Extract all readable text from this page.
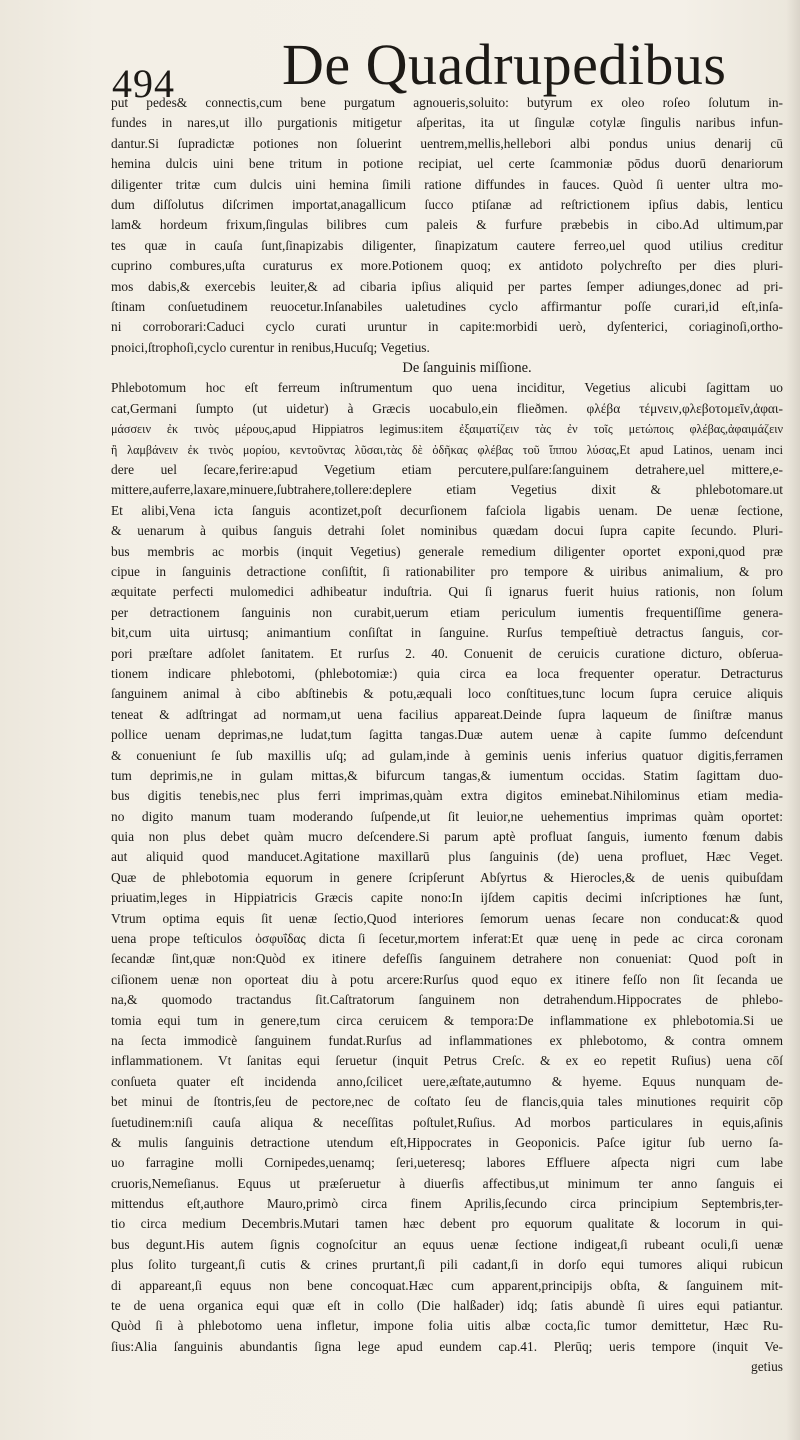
494 De Quadrupedibus
put pedes& connectis,cum bene purgatum agnoueris,soluito: butyrum ex oleo roſeo ſolutum in-
fundes in nares,ut illo purgationis mitigetur aſperitas, ita ut ſingulæ cotylæ ſingulis naribus infun-
dantur.Si ſupradictæ potiones non ſoluerint uentrem,mellis,hellebori albi pondus unius denarij cū
hemina dulcis uini bene tritum in potione recipiat, uel certe ſcammoniæ pōdus duorū denariorum
diligenter tritæ cum dulcis uini hemina ſimili ratione diffundes in fauces. Quòd ſi uenter ultra mo-
dum diſſolutus diſcrimen importat,anagallicum ſucco ptiſanæ ad reſtrictionem ipſius dabis, lenticu
lam& hordeum frixum,ſingulas bilibres cum paleis & furfure præbebis in cibo.Ad ultimum,par
tes quæ in cauſa ſunt,ſinapizabis diligenter, ſinapizatum cautere ferreo,uel quod utilius creditur
cuprino combures,uſta curaturus ex more.Potionem quoq; ex antidoto polychreſto per dies pluri-
mos dabis,& exercebis leuiter,& ad cibaria ipſius aliquid per partes ſemper adiunges,donec ad pri-
ſtinam conſuetudinem reuocetur.Inſanabiles ualetudines cyclo affirmantur poſſe curari,id eſt,inſa-
ni corroborari:Caduci cyclo curati uruntur in capite:morbidi uerò, dyſenterici, coriaginoſi,ortho-
pnoici,ſtrophoſi,cyclo curentur in renibus,Hucuſq; Vegetius.
De ſanguinis miſſione.
Phlebotomum hoc eſt ferreum inſtrumentum quo uena inciditur, Vegetius alicubi ſagittam uo
cat,Germani ſumpto (ut uidetur) à Græcis uocabulo,ein flieðmen. φλέβα τέμνειν,φλεβοτομεῖν,ἀφαι-
μάσσειν ἐκ τινὸς μέρους,apud Hippiatros legimus:item ἐξαιματίζειν τὰς ἐν τοῖς μετώποις φλέβας,ἀφαιμάζειν
ἢ λαμβάνειν ἐκ τινὸς μορίου, κεντοῦντας λῦσαι,τὰς δὲ ὀδῆκας φλέβας τοῦ ἵππου λύσας,Et apud Latinos, uenam inci
dere uel ſecare,ferire:apud Vegetium etiam percutere,pulſare:ſanguinem detrahere,uel mittere,e-
mittere,auferre,laxare,minuere,ſubtrahere,tollere:deplere etiam Vegetius dixit & phlebotomare.ut
Et alibi,Vena icta ſanguis acontizet,poſt decurſionem faſciola ligabis uenam. De uenæ ſectione,
& uenarum à quibus ſanguis detrahi ſolet nominibus quædam docui ſupra capite ſecundo. Pluri-
bus membris ac morbis (inquit Vegetius) generale remedium diligenter oportet exponi,quod præ
cipue in ſanguinis detractione conſiſtit, ſi rationabiliter pro tempore & uiribus animalium, & pro
æquitate perfecti mulomedici adhibeatur induſtria. Qui ſi ignarus fuerit huius rationis, non ſolum
per detractionem ſanguinis non curabit,uerum etiam periculum iumentis frequentiſſime genera-
bit,cum uita uirtusq; animantium conſiſtat in ſanguine. Rurſus tempeſtiuè detractus ſanguis, cor-
pori præſtare adſolet ſanitatem. Et rurſus 2. 40. Conuenit de ceruicis curatione dicturo, obſerua-
tionem indicare phlebotomi, (phlebotomiæ:) quia circa ea loca frequenter operatur. Detracturus
ſanguinem animal à cibo abſtinebis & potu,æquali loco conſtitues,tunc locum ſupra ceruice aliquis
teneat & adſtringat ad normam,ut uena facilius appareat.Deinde ſupra laqueum de ſiniſtræ manus
pollice uenam deprimas,ne ludat,tum ſagitta tangas.Duæ autem uenæ à capite ſummo deſcendunt
& conueniunt ſe ſub maxillis uſq; ad gulam,inde à geminis uenis inferius quatuor digitis,ferramen
tum deprimis,ne in gulam mittas,& bifurcum tangas,& iumentum occidas. Statim ſagittam duo-
bus digitis tenebis,nec plus ferri imprimas,quàm extra digitos eminebat.Nihilominus etiam media-
no digito manum tuam moderando ſuſpende,ut ſit leuior,ne uehementius imprimas quàm oportet:
quia non plus debet quàm mucro deſcendere.Si parum aptè profluat ſanguis, iumento fœnum dabis
aut aliquid quod manducet.Agitatione maxillarū plus ſanguinis (de) uena profluet, Hæc Veget.
Quæ de phlebotomia equorum in genere ſcripſerunt Abſyrtus & Hierocles,& de uenis quibuſdam
priuatim,leges in Hippiatricis Græcis capite nono:In ijſdem capitis decimi inſcriptiones hæ ſunt,
Vtrum optima equis ſit uenæ ſectio,Quod interiores ſemorum uenas ſecare non conducat:& quod
uena prope teſticulos ὀσφυΐδας dicta ſi ſecetur,mortem inferat:Et quæ uenę in pede ac circa coronam
ſecandæ ſint,quæ non:Quòd ex itinere defeſſis ſanguinem detrahere non conueniat: Quod poſt in
ciſionem uenæ non oporteat diu à potu arcere:Rurſus quod equo ex itinere feſſo non ſit ſecanda ue
na,& quomodo tractandus ſit.Caſtratorum ſanguinem non detrahendum.Hippocrates de phlebo-
tomia equi tum in genere,tum circa ceruicem & tempora:De inflammatione ex phlebotomia.Si ue
na ſecta immodicè ſanguinem fundat.Rurſus ad inflammationes ex phlebotomo, & contra omnem
inflammationem. Vt ſanitas equi ſeruetur (inquit Petrus Creſc. & ex eo repetit Ruſius) uena cōſ
conſueta quater eſt incidenda anno,ſcilicet uere,æſtate,autumno & hyeme. Equus nunquam de-
bet minui de ſtontris,ſeu de pectore,nec de coſtato ſeu de flancis,quia tales minutiones requirit cōp
ſuetudinem:niſi cauſa aliqua & neceſſitas poſtulet,Ruſius. Ad morbos particulares in equis,aſinis
& mulis ſanguinis detractione utendum eſt,Hippocrates in Geoponicis. Paſce igitur ſub uerno ſa-
uo farragine molli Cornipedes,uenamq; ſeri,ueteresq; labores Effluere aſpecta nigri cum labe
cruoris,Nemeſianus. Equus ut præſeruetur à diuerſis affectibus,ut minimum ter anno ſanguis ei
mittendus eſt,authore Mauro,primò circa finem Aprilis,ſecundo circa principium Septembris,ter-
tio circa medium Decembris.Mutari tamen hæc debent pro equorum qualitate & locorum in qui-
bus degunt.His autem ſignis cognoſcitur an equus uenæ ſectione indigeat,ſi rubeant oculi,ſi uenæ
plus ſolito turgeant,ſi cutis & crines prurtant,ſi pili cadant,ſi in dorſo equi tumores aliqui rubicun
di appareant,ſi equus non bene concoquat.Hæc cum apparent,principijs obſta, & ſanguinem mit-
te de uena organica equi quæ eſt in collo (Die halßader) idq; ſatis abundè ſi uires equi patiantur.
Quòd ſi à phlebotomo uena infletur, impone folia uitis albæ cocta,ſic tumor demittetur, Hæc Ru-
ſius:Alia ſanguinis abundantis ſigna lege apud eundem cap.41. Plerūq; ueris tempore (inquit Ve-
getius
